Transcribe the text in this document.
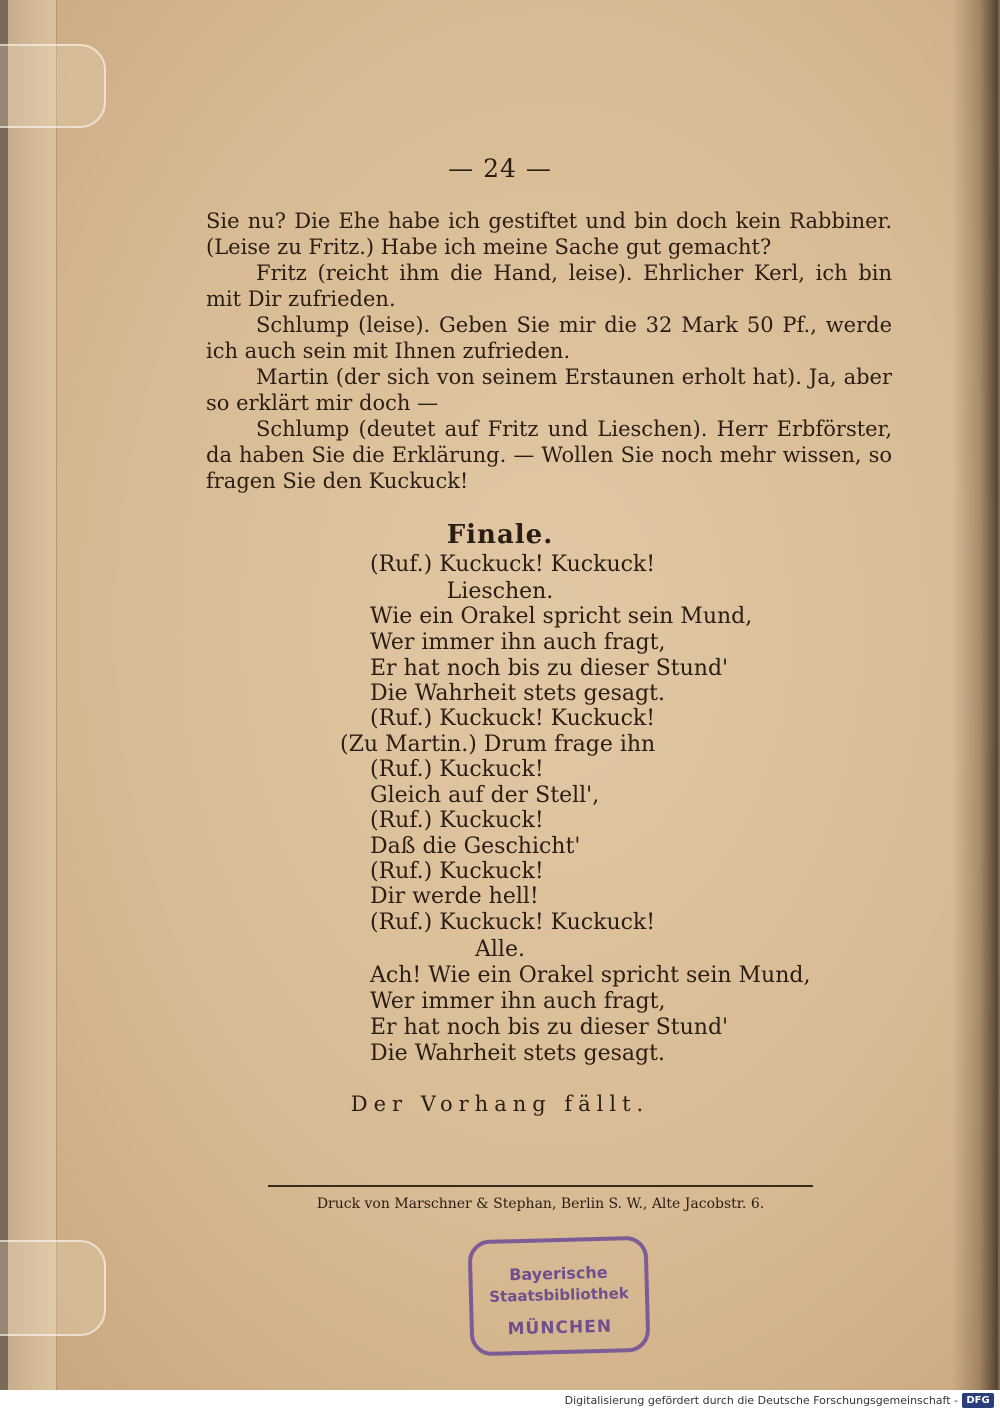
— 24 —

Sie nu? Die Ehe habe ich gestiftet und bin doch kein Rabbiner. (Leise zu Fritz.) Habe ich meine Sache gut gemacht?

Fritz (reicht ihm die Hand, leise). Ehrlicher Kerl, ich bin mit Dir zufrieden.

Schlump (leise). Geben Sie mir die 32 Mark 50 Pf., werde ich auch sein mit Ihnen zufrieden.

Martin (der sich von seinem Erstaunen erholt hat). Ja, aber so erklärt mir doch —

Schlump (deutet auf Fritz und Lieschen). Herr Erbförster, da haben Sie die Erklärung. — Wollen Sie noch mehr wissen, so fragen Sie den Kuckuck!

Finale.
(Ruf.) Kuckuck! Kuckuck!
Lieschen.
Wie ein Orakel spricht sein Mund,
Wer immer ihn auch fragt,
Er hat noch bis zu dieser Stund'
Die Wahrheit stets gesagt.
(Ruf.) Kuckuck! Kuckuck!
(Zu Martin.) Drum frage ihn
(Ruf.) Kuckuck!
Gleich auf der Stell',
(Ruf.) Kuckuck!
Daß die Geschicht'
(Ruf.) Kuckuck!
Dir werde hell!
(Ruf.) Kuckuck! Kuckuck!
Alle.
Ach! Wie ein Orakel spricht sein Mund,
Wer immer ihn auch fragt,
Er hat noch bis zu dieser Stund'
Die Wahrheit stets gesagt.
Der Vorhang fällt.
Druck von Marschner & Stephan, Berlin S. W., Alte Jacobstr. 6.
Bayerische
Staatsbibliothek
MÜNCHEN
Digitalisierung gefördert durch die Deutsche Forschungsgemeinschaft - DFG
